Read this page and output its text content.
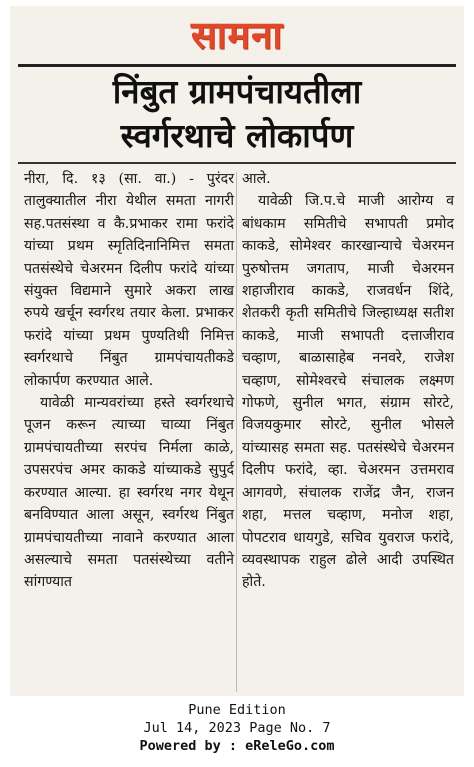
सामना
निंबुत ग्रामपंचायतीला
स्वर्गरथाचे लोकार्पण

नीरा, दि. १३ (सा. वा.) - पुरंदर तालुक्यातील नीरा येथील समता नागरी सह.पतसंस्था व कै.प्रभाकर रामा फरांदे यांच्या प्रथम स्मृतिदिनानिमित्त समता पतसंस्थेचे चेअरमन दिलीप फरांदे यांच्या संयुक्त विद्यमाने सुमारे अकरा लाख रुपये खर्चून स्वर्गरथ तयार केला. प्रभाकर फरांदे यांच्या प्रथम पुण्यतिथी निमित्त स्वर्गरथाचे निंबुत ग्रामपंचायतीकडे लोकार्पण करण्यात आले.

यावेळी मान्यवरांच्या हस्ते स्वर्गरथाचे पूजन करून त्याच्या चाव्या निंबुत ग्रामपंचायतीच्या सरपंच निर्मला काळे, उपसरपंच अमर काकडे यांच्याकडे सुपुर्द करण्यात आल्या. हा स्वर्गरथ नगर येथून बनविण्यात आला असून, स्वर्गरथ निंबुत ग्रामपंचायतीच्या नावाने करण्यात आला असल्याचे समता पतसंस्थेच्या वतीने सांगण्यात

आले.

यावेळी जि.प.चे माजी आरोग्य व बांधकाम समितीचे सभापती प्रमोद काकडे, सोमेश्वर कारखान्याचे चेअरमन पुरुषोत्तम जगताप, माजी चेअरमन शहाजीराव काकडे, राजवर्धन शिंदे, शेतकरी कृती समितीचे जिल्हाध्यक्ष सतीश काकडे, माजी सभापती दत्ताजीराव चव्हाण, बाळासाहेब ननवरे, राजेश चव्हाण, सोमेश्वरचे संचालक लक्ष्मण गोफणे, सुनील भगत, संग्राम सोरटे, विजयकुमार सोरटे, सुनील भोसले यांच्यासह समता सह. पतसंस्थेचे चेअरमन दिलीप फरांदे, व्हा. चेअरमन उत्तमराव आगवणे, संचालक राजेंद्र जैन, राजन शहा, मत्तल चव्हाण, मनोज शहा, पोपटराव धायगुडे, सचिव युवराज फरांदे, व्यवस्थापक राहुल ढोले आदी उपस्थित होते.

Pune Edition
Jul 14, 2023 Page No. 7
Powered by : eReleGo.com
